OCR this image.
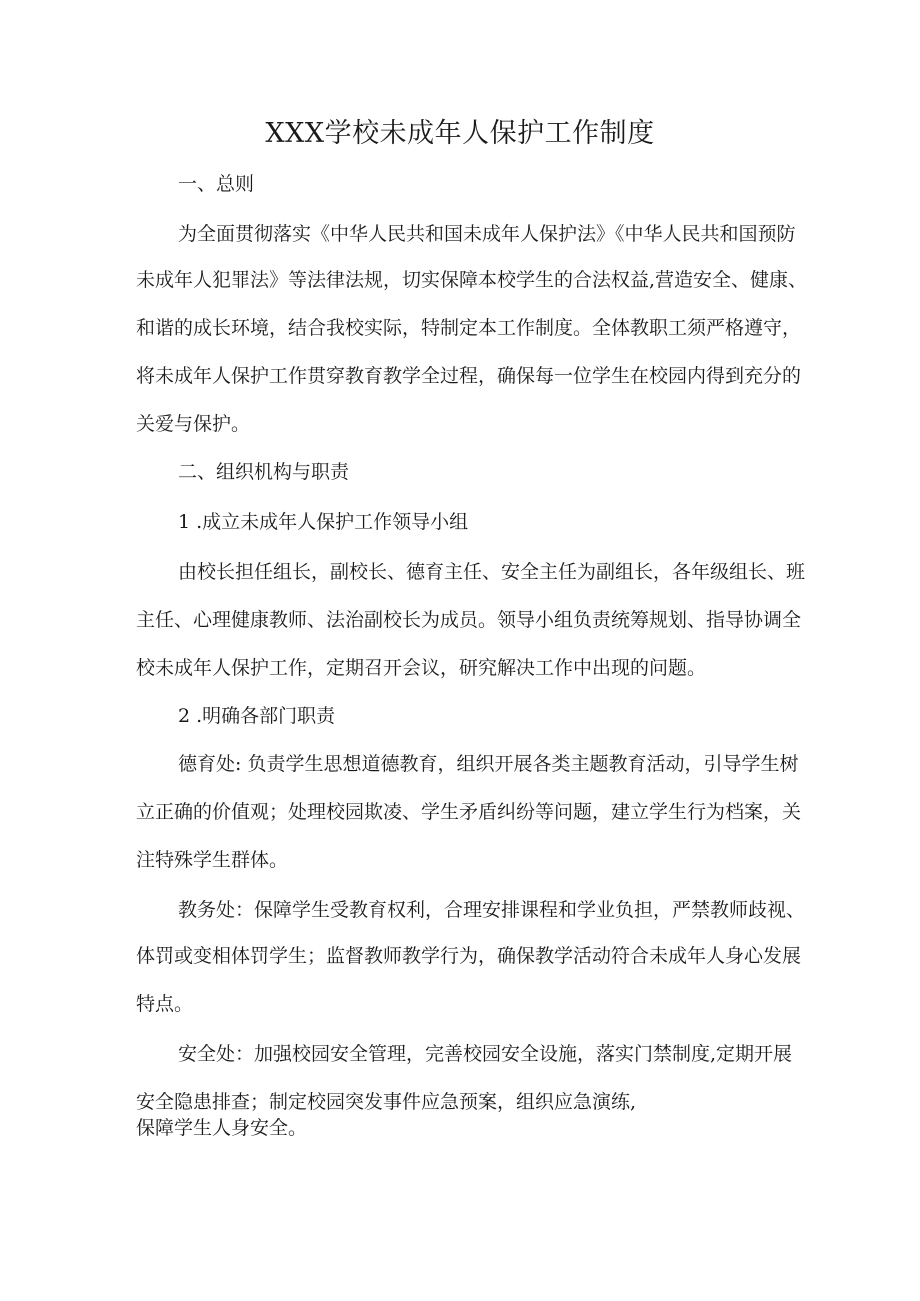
XXX学校未成年人保护工作制度
一、总则
为全面贯彻落实《中华人民共和国未成年人保护法》《中华人民共和国预防
未成年人犯罪法》等法律法规，切实保障本校学生的合法权益,营造安全、健康、
和谐的成长环境，结合我校实际，特制定本工作制度。全体教职工须严格遵守，
将未成年人保护工作贯穿教育教学全过程，确保每一位学生在校园内得到充分的
关爱与保护。
二、组织机构与职责
1 .成立未成年人保护工作领导小组
由校长担任组长，副校长、德育主任、安全主任为副组长，各年级组长、班
主任、心理健康教师、法治副校长为成员。领导小组负责统筹规划、指导协调全
校未成年人保护工作，定期召开会议，研究解决工作中出现的问题。
2 .明确各部门职责
德育处: 负责学生思想道德教育，组织开展各类主题教育活动，引导学生树
立正确的价值观；处理校园欺凌、学生矛盾纠纷等问题，建立学生行为档案，关
注特殊学生群体。
教务处：保障学生受教育权利，合理安排课程和学业负担，严禁教师歧视、
体罚或变相体罚学生；监督教师教学行为，确保教学活动符合未成年人身心发展
特点。
安全处：加强校园安全管理，完善校园安全设施，落实门禁制度,定期开展
安全隐患排查；制定校园突发事件应急预案，组织应急演练,
保障学生人身安全。
